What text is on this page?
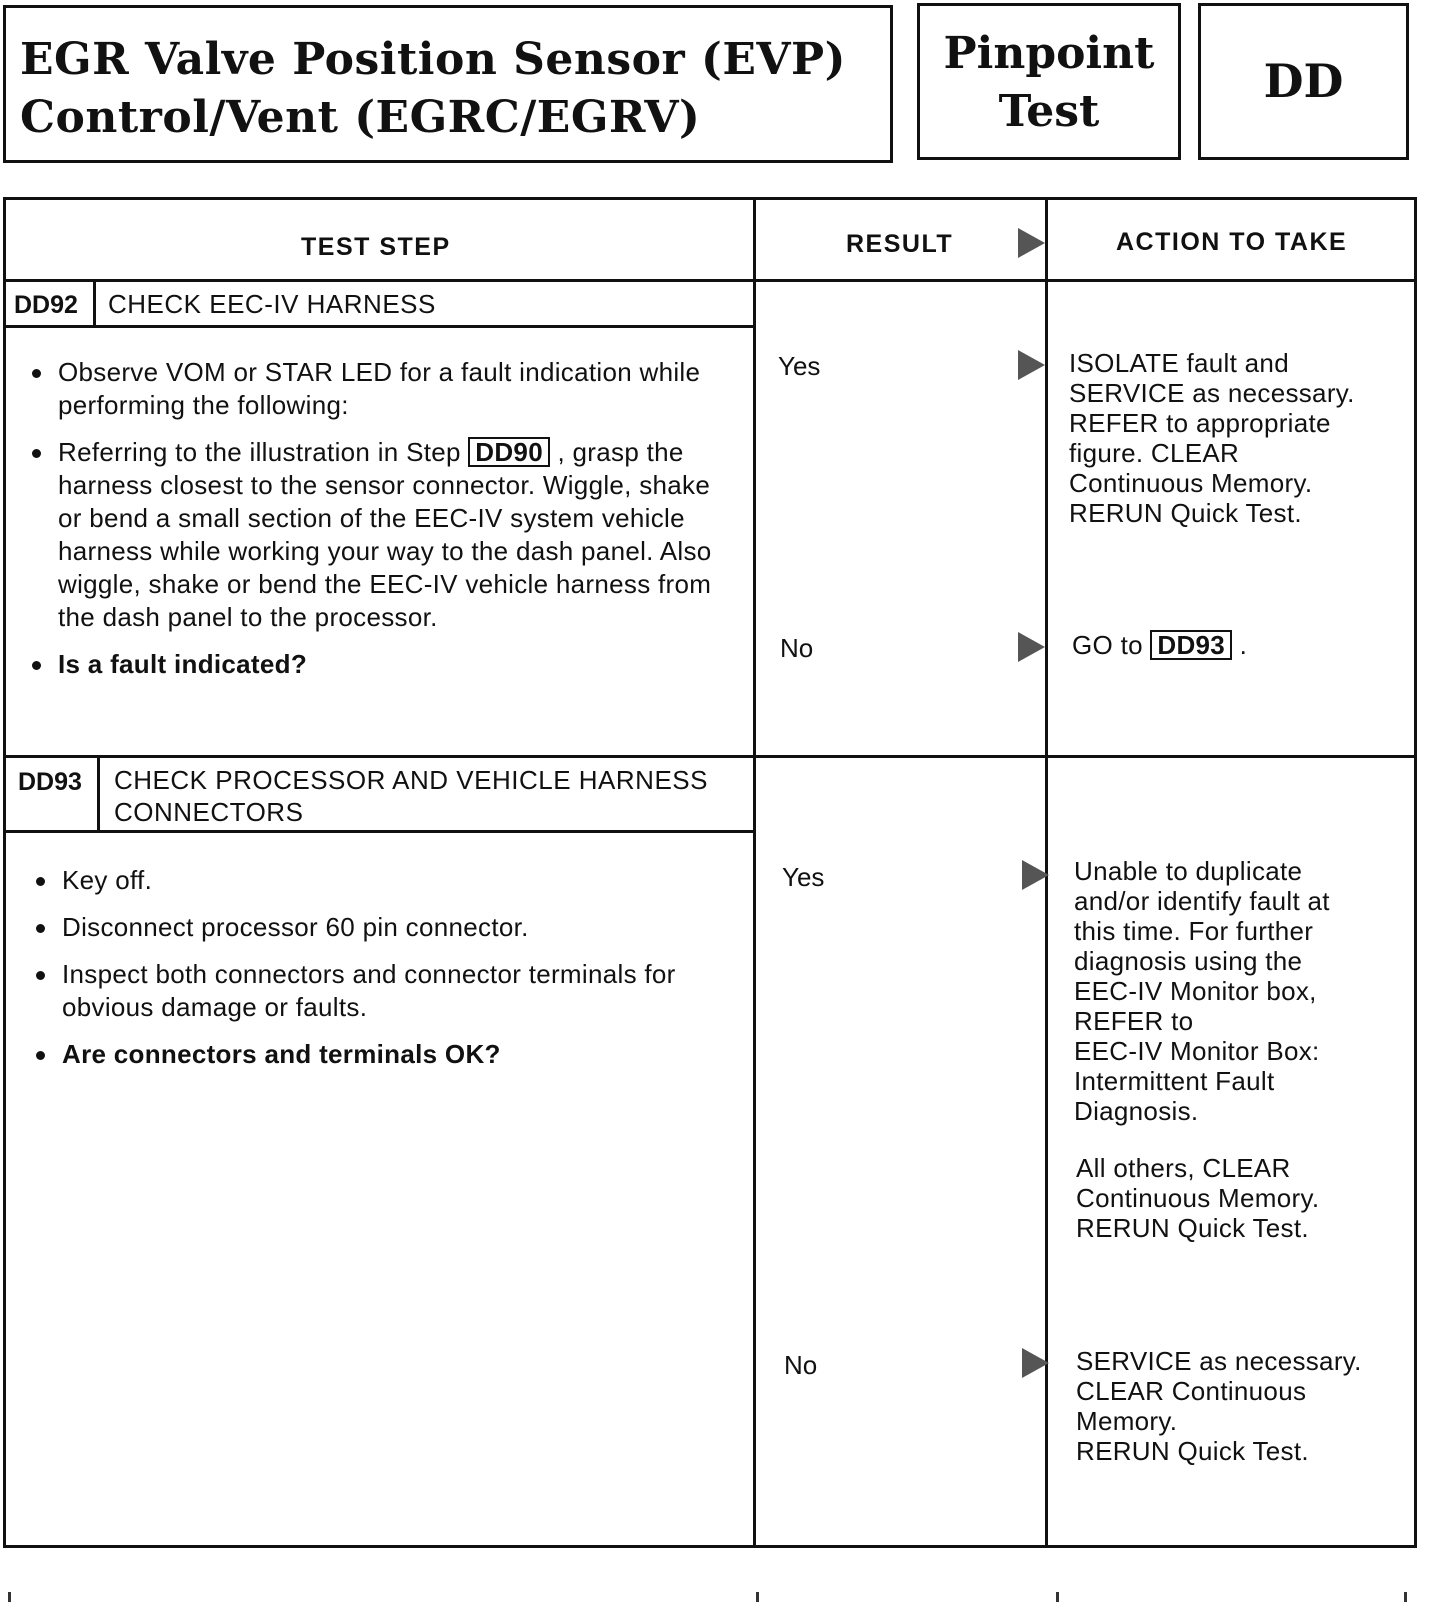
EGR Valve Position Sensor (EVP)
Control/Vent (EGRC/EGRV)
Pinpoint
Test
DD
TEST STEP	RESULT	ACTION TO TAKE
DD92 CHECK EEC-IV HARNESS
Observe VOM or STAR LED for a fault indication while performing the following:
Referring to the illustration in Step DD90 , grasp the harness closest to the sensor connector. Wiggle, shake or bend a small section of the EEC-IV system vehicle harness while working your way to the dash panel. Also wiggle, shake or bend the EEC-IV vehicle harness from the dash panel to the processor.
Is a fault indicated?
Yes	ISOLATE fault and
SERVICE as necessary.
REFER to appropriate
figure. CLEAR
Continuous Memory.
RERUN Quick Test.
No	GO to DD93 .
DD93 CHECK PROCESSOR AND VEHICLE HARNESS
CONNECTORS
Key off.
Disconnect processor 60 pin connector.
Inspect both connectors and connector terminals for obvious damage or faults.
Are connectors and terminals OK?
Yes	Unable to duplicate
and/or identify fault at
this time. For further
diagnosis using the
EEC-IV Monitor box,
REFER to
EEC-IV Monitor Box:
Intermittent Fault
Diagnosis.
All others, CLEAR
Continuous Memory.
RERUN Quick Test.
No	SERVICE as necessary.
CLEAR Continuous
Memory.
RERUN Quick Test.
